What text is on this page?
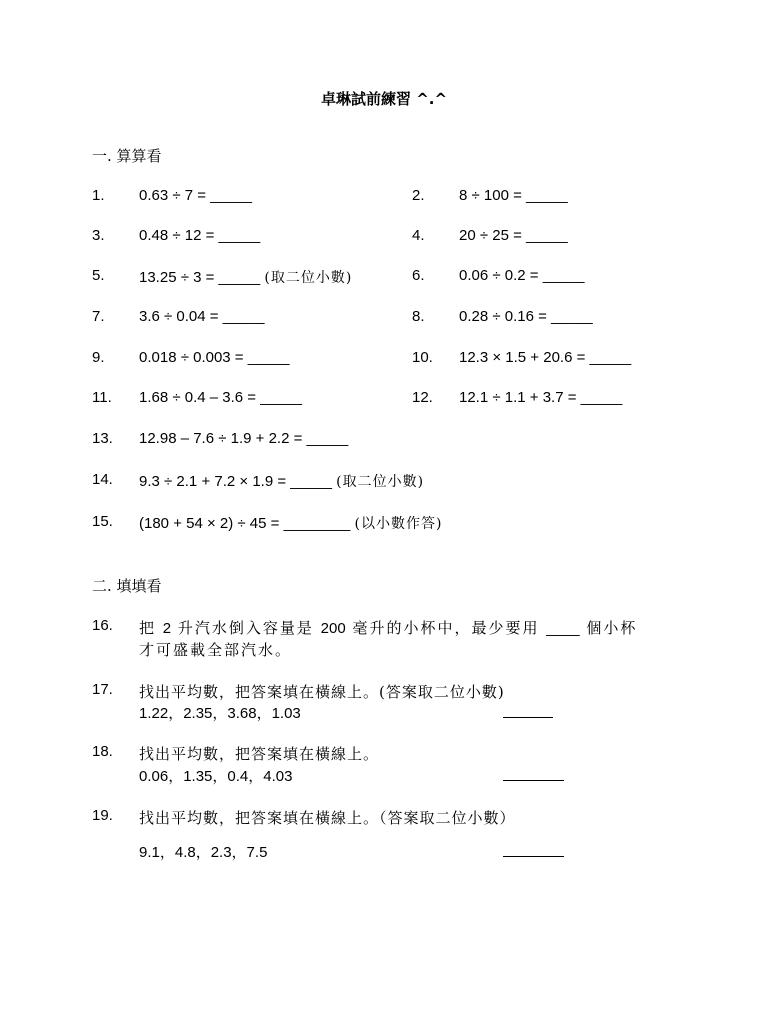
卓琳試前練習 ^.^
一. 算算看
1. 0.63 ÷ 7 = _____	2. 8 ÷ 100 = _____
3. 0.48 ÷ 12 = _____	4. 20 ÷ 25 = _____
5. 13.25 ÷ 3 = _____ (取二位小數)	6. 0.06 ÷ 0.2 = _____
7. 3.6 ÷ 0.04 = _____	8. 0.28 ÷ 0.16 = _____
9. 0.018 ÷ 0.003 = _____	10. 12.3 × 1.5 + 20.6 = _____
11. 1.68 ÷ 0.4 – 3.6 = _____	12. 12.1 ÷ 1.1 + 3.7 = _____
13. 12.98 – 7.6 ÷ 1.9 + 2.2 = _____
14. 9.3 ÷ 2.1 + 7.2 × 1.9 = _____ (取二位小數)
15. (180 + 54 × 2) ÷ 45 = ________ (以小數作答)
二. 填填看
16. 把 2 升汽水倒入容量是 200 毫升的小杯中，最少要用 ____ 個小杯
才可盛載全部汽水。
17. 找出平均數，把答案填在橫線上。(答案取二位小數)
1.22，2.35，3.68，1.03
18. 找出平均數，把答案填在橫線上。
0.06，1.35，0.4，4.03
19. 找出平均數，把答案填在橫線上。（答案取二位小數）
9.1，4.8，2.3，7.5
